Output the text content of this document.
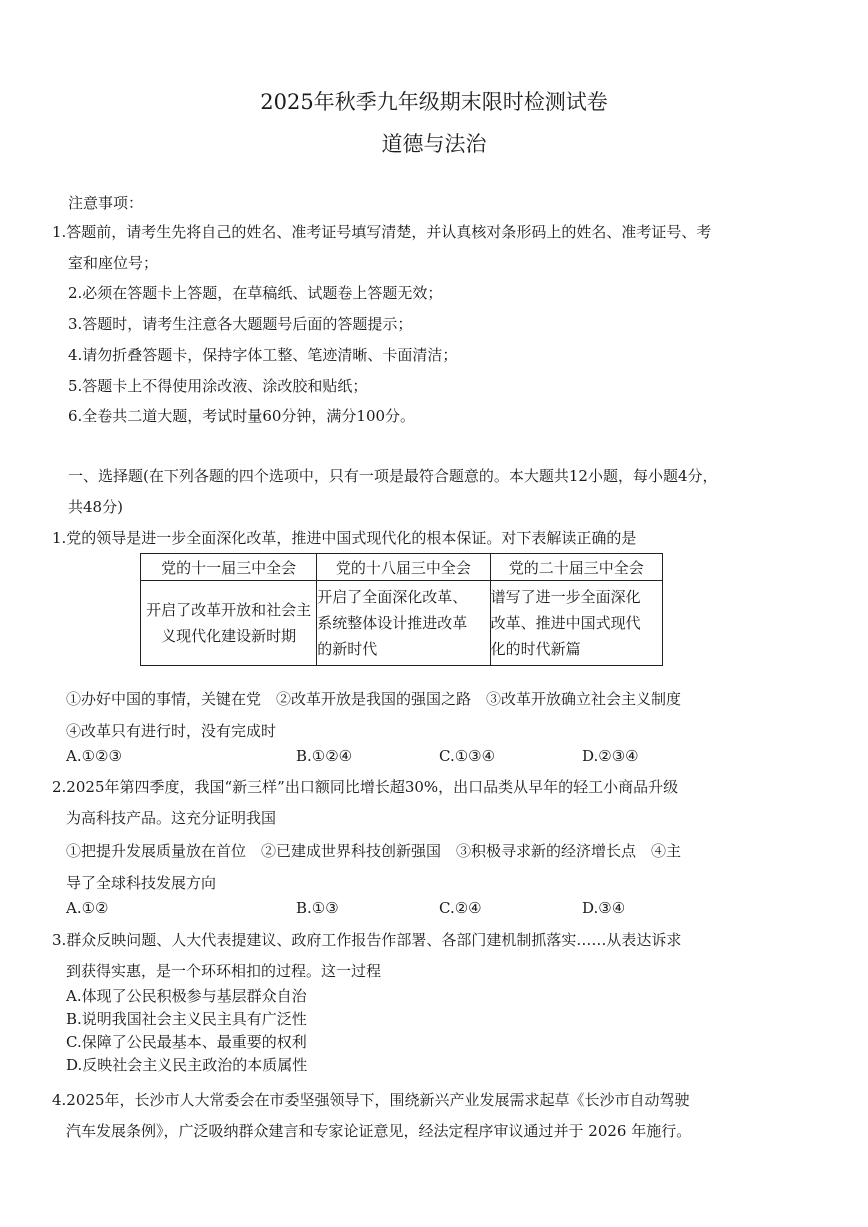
2025年秋季九年级期末限时检测试卷
道德与法治
注意事项：
1.答题前，请考生先将自己的姓名、准考证号填写清楚，并认真核对条形码上的姓名、准考证号、考
室和座位号；
2.必须在答题卡上答题，在草稿纸、试题卷上答题无效；
3.答题时，请考生注意各大题题号后面的答题提示；
4.请勿折叠答题卡，保持字体工整、笔迹清晰、卡面清洁；
5.答题卡上不得使用涂改液、涂改胶和贴纸；
6.全卷共二道大题，考试时量60分钟，满分100分。
一、选择题(在下列各题的四个选项中，只有一项是最符合题意的。本大题共12小题，每小题4分，
共48分)
1.党的领导是进一步全面深化改革，推进中国式现代化的根本保证。对下表解读正确的是
党的十一届三中全会	党的十八届三中全会	党的二十届三中全会

开启了改革开放和社会主
义现代化建设新时期	开启了全面深化改革、
系统整体设计推进改革
的新时代	谱写了进一步全面深化
改革、推进中国式现代
化的时代新篇
①办好中国的事情，关键在党　②改革开放是我国的强国之路　③改革开放确立社会主义制度
④改革只有进行时，没有完成时
A.①②③	B.①②④	C.①③④	D.②③④
2.2025年第四季度，我国“新三样”出口额同比增长超30%，出口品类从早年的轻工小商品升级
为高科技产品。这充分证明我国
①把提升发展质量放在首位　②已建成世界科技创新强国　③积极寻求新的经济增长点　④主
导了全球科技发展方向
A.①②	B.①③	C.②④	D.③④
3.群众反映问题、人大代表提建议、政府工作报告作部署、各部门建机制抓落实……从表达诉求
到获得实惠，是一个环环相扣的过程。这一过程
A.体现了公民积极参与基层群众自治
B.说明我国社会主义民主具有广泛性
C.保障了公民最基本、最重要的权利
D.反映社会主义民主政治的本质属性
4.2025年，长沙市人大常委会在市委坚强领导下，围绕新兴产业发展需求起草《长沙市自动驾驶
汽车发展条例》，广泛吸纳群众建言和专家论证意见，经法定程序审议通过并于 2026 年施行。
